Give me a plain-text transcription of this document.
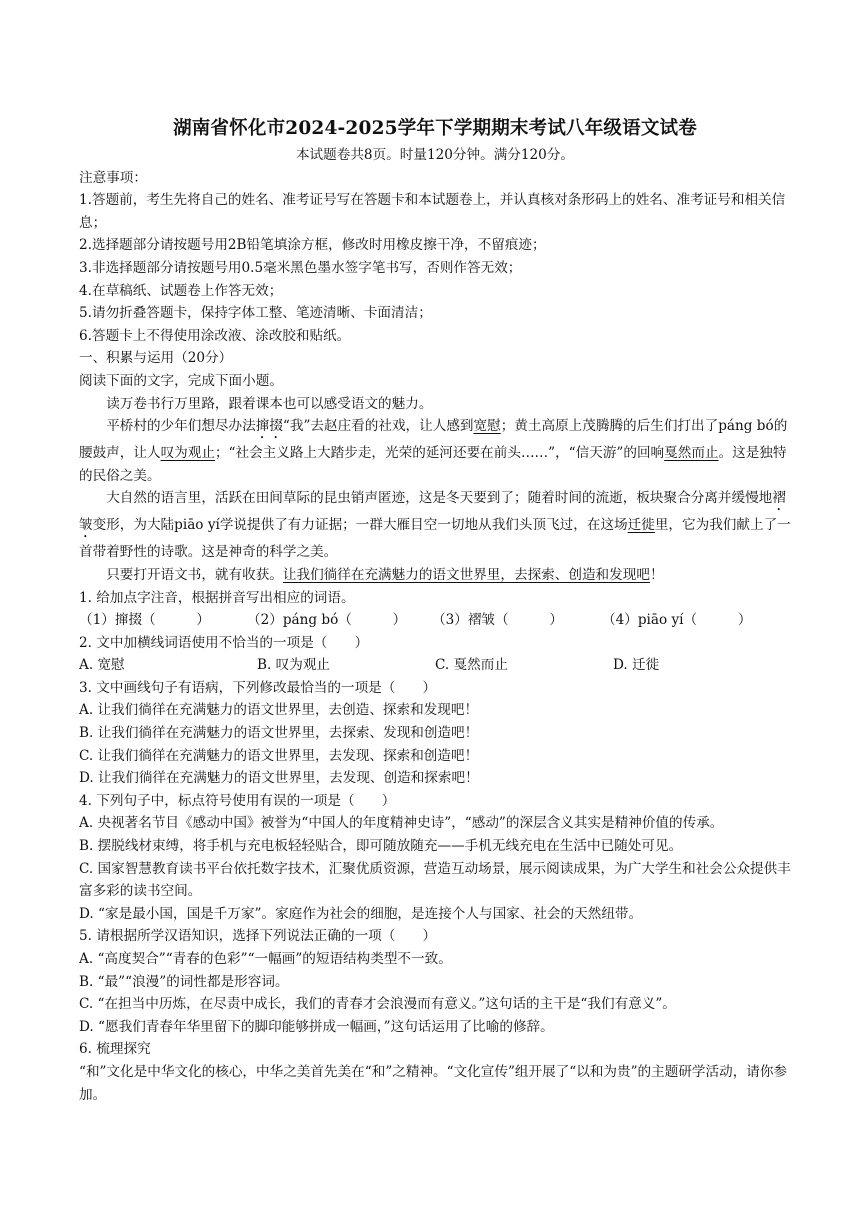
湖南省怀化市2024-2025学年下学期期末考试八年级语文试卷

本试题卷共8页。时量120分钟。满分120分。

注意事项：

1.答题前，考生先将自己的姓名、准考证号写在答题卡和本试题卷上，并认真核对条形码上的姓名、准考证号和相关信息；

2.选择题部分请按题号用2B铅笔填涂方框，修改时用橡皮擦干净，不留痕迹；

3.非选择题部分请按题号用0.5毫米黑色墨水签字笔书写，否则作答无效；

4.在草稿纸、试题卷上作答无效；

5.请勿折叠答题卡，保持字体工整、笔迹清晰、卡面清洁；

6.答题卡上不得使用涂改液、涂改胶和贴纸。

一、积累与运用（20分）

阅读下面的文字，完成下面小题。

读万卷书行万里路，跟着课本也可以感受语文的魅力。

平桥村的少年们想尽办法撺掇“我”去赵庄看的社戏，让人感到宽慰；黄土高原上茂腾腾的后生们打出了páng bó的腰鼓声，让人叹为观止；“社会主义路上大踏步走，光荣的延河还要在前头……”，“信天游”的回响戛然而止。这是独特的民俗之美。

大自然的语言里，活跃在田间草际的昆虫销声匿迹，这是冬天要到了；随着时间的流逝，板块聚合分离并缓慢地褶皱变形，为大陆piāo yí学说提供了有力证据；一群大雁目空一切地从我们头顶飞过，在这场迁徙里，它为我们献上了一首带着野性的诗歌。这是神奇的科学之美。

只要打开语文书，就有收获。让我们徜徉在充满魅力的语文世界里，去探索、创造和发现吧！

1. 给加点字注音，根据拼音写出相应的词语。

（1）撺掇（　　　）	（2）páng bó（　　　）	（3）褶皱（　　　）	（4）piāo yí（　　　）

2. 文中加横线词语使用不恰当的一项是（　　）

A. 宽慰	B. 叹为观止	C. 戛然而止	D. 迁徙

3. 文中画线句子有语病，下列修改最恰当的一项是（　　）

A. 让我们徜徉在充满魅力的语文世界里，去创造、探索和发现吧！

B. 让我们徜徉在充满魅力的语文世界里，去探索、发现和创造吧！

C. 让我们徜徉在充满魅力的语文世界里，去发现、探索和创造吧！

D. 让我们徜徉在充满魅力的语文世界里，去发现、创造和探索吧！

4. 下列句子中，标点符号使用有误的一项是（　　）

A. 央视著名节目《感动中国》被誉为“中国人的年度精神史诗”，“感动”的深层含义其实是精神价值的传承。

B. 摆脱线材束缚，将手机与充电板轻轻贴合，即可随放随充——手机无线充电在生活中已随处可见。

C. 国家智慧教育读书平台依托数字技术，汇聚优质资源，营造互动场景，展示阅读成果，为广大学生和社会公众提供丰富多彩的读书空间。

D. “家是最小国，国是千万家”。家庭作为社会的细胞，是连接个人与国家、社会的天然纽带。

5. 请根据所学汉语知识，选择下列说法正确的一项（　　）

A. “高度契合”“青春的色彩”“一幅画”的短语结构类型不一致。

B. “最”“浪漫”的词性都是形容词。

C. “在担当中历炼，在尽责中成长，我们的青春才会浪漫而有意义。”这句话的主干是“我们有意义”。

D. “愿我们青春年华里留下的脚印能够拼成一幅画，”这句话运用了比喻的修辞。

6. 梳理探究

“和”文化是中华文化的核心，中华之美首先美在“和”之精神。“文化宣传”组开展了“以和为贵”的主题研学活动，请你参加。
